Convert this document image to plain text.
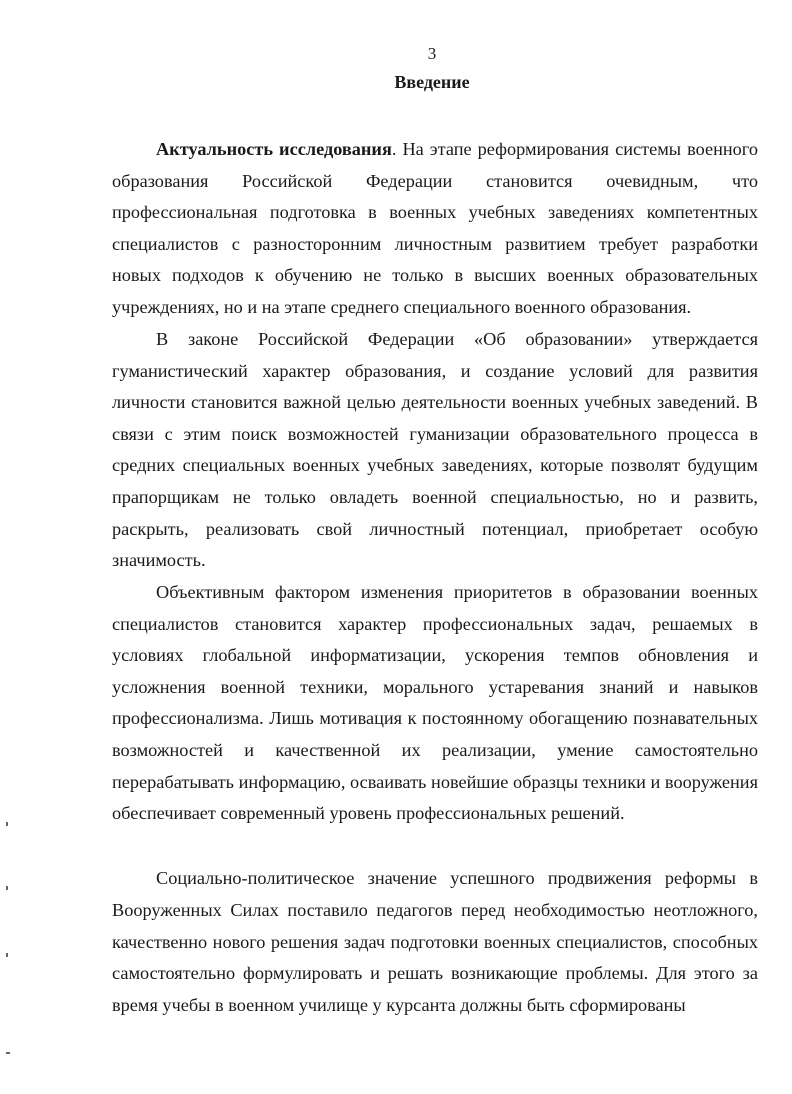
3
Введение

Актуальность исследования. На этапе реформирования системы военного образования Российской Федерации становится очевидным, что профессиональная подготовка в военных учебных заведениях компетентных специалистов с разносторонним личностным развитием требует разработки новых подходов к обучению не только в высших военных образовательных учреждениях, но и на этапе среднего специального военного образования.

В законе Российской Федерации «Об образовании» утверждается гуманистический характер образования, и создание условий для развития личности становится важной целью деятельности военных учебных заведений. В связи с этим поиск возможностей гуманизации образовательного процесса в средних специальных военных учебных заведениях, которые позволят будущим прапорщикам не только овладеть военной специальностью, но и развить, раскрыть, реализовать свой личностный потенциал, приобретает особую значимость.

Объективным фактором изменения приоритетов в образовании военных специалистов становится характер профессиональных задач, решаемых в условиях глобальной информатизации, ускорения темпов обновления и усложнения военной техники, морального устаревания знаний и навыков профессионализма. Лишь мотивация к постоянному обогащению познавательных возможностей и качественной их реализации, умение самостоятельно перерабатывать информацию, осваивать новейшие образцы техники и вооружения обеспечивает современный уровень профессиональных решений.

Социально-политическое значение успешного продвижения реформы в Вооруженных Силах поставило педагогов перед необходимостью неотложного, качественно нового решения задач подготовки военных специалистов, способных самостоятельно формулировать и решать возникающие проблемы. Для этого за время учебы в военном училище у курсанта должны быть сформированы
